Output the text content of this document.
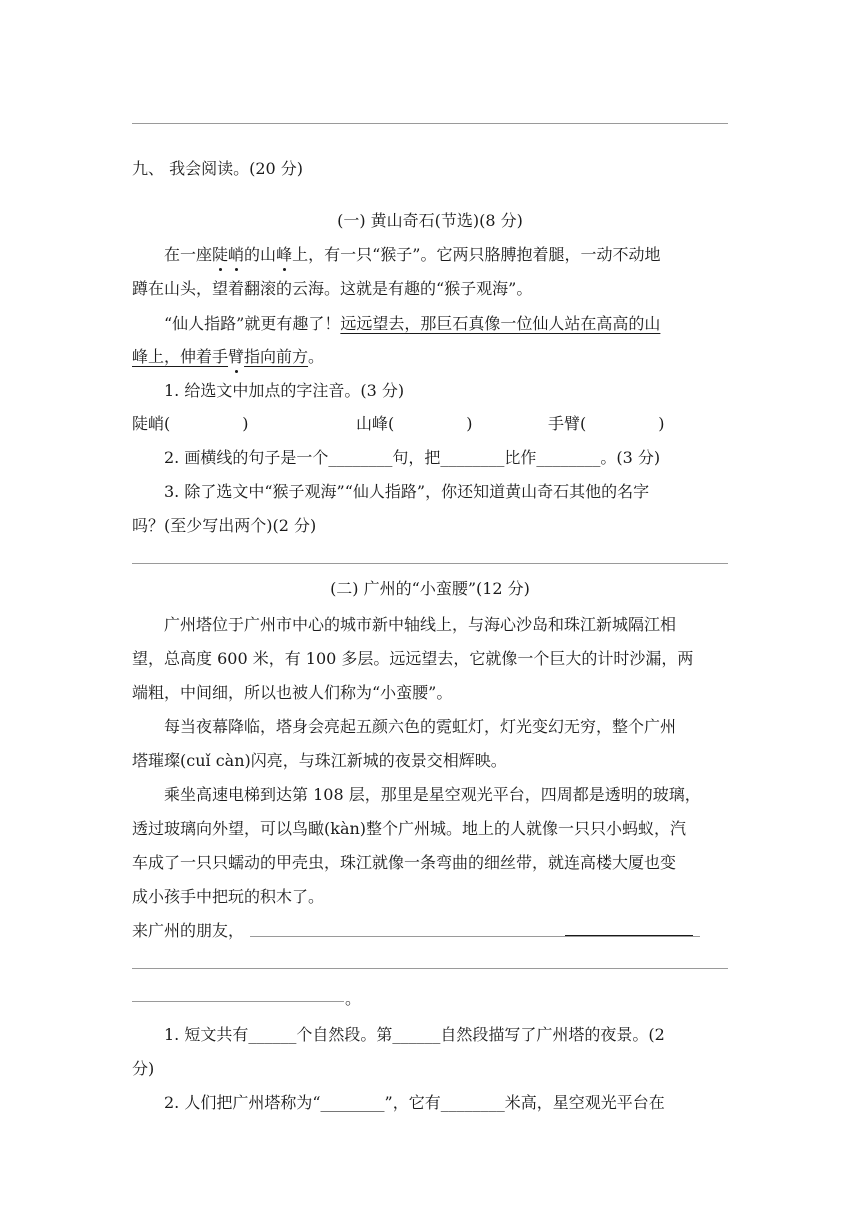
九、 我会阅读。(20 分)
(一) 黄山奇石(节选)(8 分)
在一座陡峭的山峰上，有一只“猴子”。它两只胳膊抱着腿，一动不动地
蹲在山头，望着翻滚的云海。这就是有趣的“猴子观海”。
“仙人指路”就更有趣了！远远望去，那巨石真像一位仙人站在高高的山
峰上，伸着手臂指向前方。
1. 给选文中加点的字注音。(3 分)
陡峭(	)	山峰(	)	手臂(	)
2. 画横线的句子是一个________句，把________比作________。(3 分)
3. 除了选文中“猴子观海”“仙人指路”，你还知道黄山奇石其他的名字
吗？(至少写出两个)(2 分)
(二) 广州的“小蛮腰”(12 分)
广州塔位于广州市中心的城市新中轴线上，与海心沙岛和珠江新城隔江相
望，总高度 600 米，有 100 多层。远远望去，它就像一个巨大的计时沙漏，两
端粗，中间细，所以也被人们称为“小蛮腰”。
每当夜幕降临，塔身会亮起五颜六色的霓虹灯，灯光变幻无穷，整个广州
塔璀璨(cuǐ càn)闪亮，与珠江新城的夜景交相辉映。
乘坐高速电梯到达第 108 层，那里是星空观光平台，四周都是透明的玻璃，
透过玻璃向外望，可以鸟瞰(kàn)整个广州城。地上的人就像一只只小蚂蚁，汽
车成了一只只蠕动的甲壳虫，珠江就像一条弯曲的细丝带，就连高楼大厦也变
成小孩手中把玩的积木了。
来广州的朋友，
。
1. 短文共有______个自然段。第______自然段描写了广州塔的夜景。(2
分)
2. 人们把广州塔称为“________”，它有________米高，星空观光平台在
